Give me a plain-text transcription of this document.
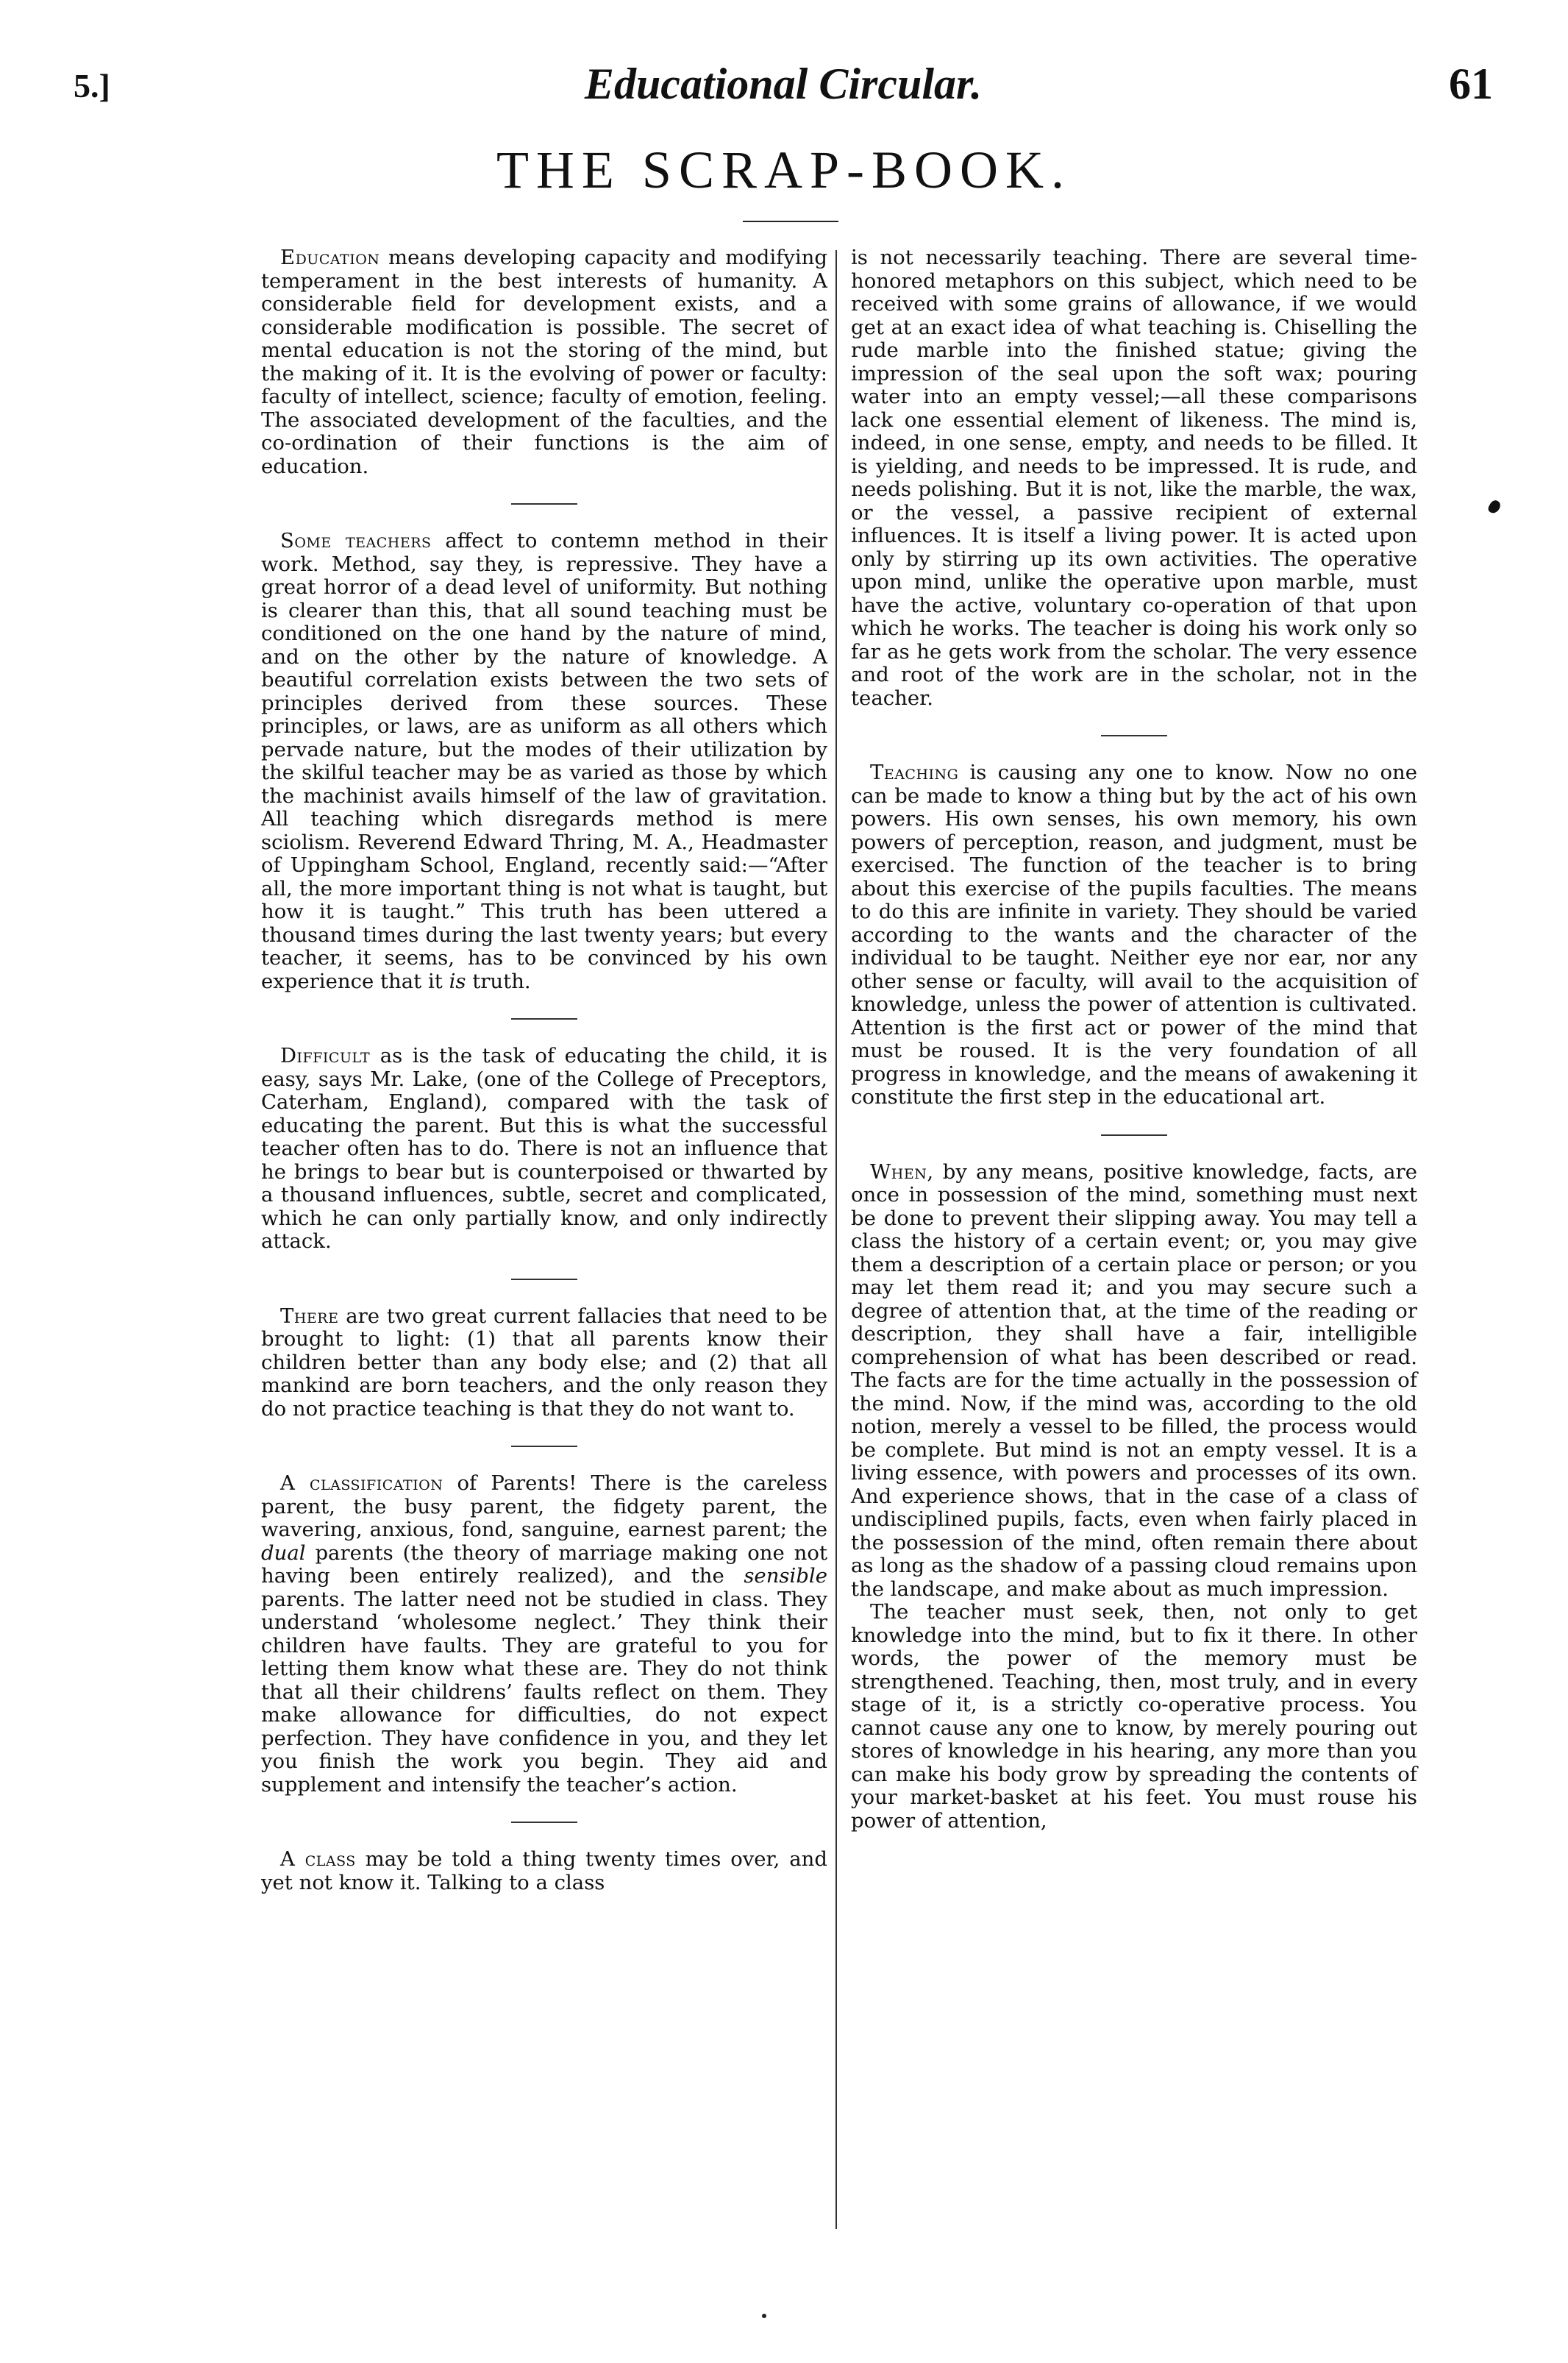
5.]	Educational Circular.	61
THE SCRAP-BOOK.

Education means developing capacity and modifying temperament in the best interests of humanity. A considerable field for development exists, and a considerable modification is possible. The secret of mental education is not the storing of the mind, but the making of it. It is the evolving of power or faculty: faculty of intellect, science; faculty of emotion, feeling. The associated development of the faculties, and the co-ordination of their functions is the aim of education.

Some teachers affect to contemn method in their work. Method, say they, is repressive. They have a great horror of a dead level of uniformity. But nothing is clearer than this, that all sound teaching must be conditioned on the one hand by the nature of mind, and on the other by the nature of knowledge. A beautiful correlation exists between the two sets of principles derived from these sources. These principles, or laws, are as uniform as all others which pervade nature, but the modes of their utilization by the skilful teacher may be as varied as those by which the machinist avails himself of the law of gravitation. All teaching which disregards method is mere sciolism. Reverend Edward Thring, M. A., Headmaster of Uppingham School, England, recently said:—“After all, the more important thing is not what is taught, but how it is taught.” This truth has been uttered a thousand times during the last twenty years; but every teacher, it seems, has to be convinced by his own experience that it is truth.

Difficult as is the task of educating the child, it is easy, says Mr. Lake, (one of the College of Preceptors, Caterham, England), compared with the task of educating the parent. But this is what the successful teacher often has to do. There is not an influence that he brings to bear but is counterpoised or thwarted by a thousand influences, subtle, secret and complicated, which he can only partially know, and only indirectly attack.

There are two great current fallacies that need to be brought to light: (1) that all parents know their children better than any body else; and (2) that all mankind are born teachers, and the only reason they do not practice teaching is that they do not want to.

A classification of Parents! There is the careless parent, the busy parent, the fidgety parent, the wavering, anxious, fond, sanguine, earnest parent; the dual parents (the theory of marriage making one not having been entirely realized), and the sensible parents. The latter need not be studied in class. They understand ‘wholesome neglect.’ They think their children have faults. They are grateful to you for letting them know what these are. They do not think that all their childrens’ faults reflect on them. They make allowance for difficulties, do not expect perfection. They have confidence in you, and they let you finish the work you begin. They aid and supplement and intensify the teacher’s action.

A class may be told a thing twenty times over, and yet not know it. Talking to a class

is not necessarily teaching. There are several time-honored metaphors on this subject, which need to be received with some grains of allowance, if we would get at an exact idea of what teaching is. Chiselling the rude marble into the finished statue; giving the impression of the seal upon the soft wax; pouring water into an empty vessel;—all these comparisons lack one essential element of likeness. The mind is, indeed, in one sense, empty, and needs to be filled. It is yielding, and needs to be impressed. It is rude, and needs polishing. But it is not, like the marble, the wax, or the vessel, a passive recipient of external influences. It is itself a living power. It is acted upon only by stirring up its own activities. The operative upon mind, unlike the operative upon marble, must have the active, voluntary co-operation of that upon which he works. The teacher is doing his work only so far as he gets work from the scholar. The very essence and root of the work are in the scholar, not in the teacher.

Teaching is causing any one to know. Now no one can be made to know a thing but by the act of his own powers. His own senses, his own memory, his own powers of perception, reason, and judgment, must be exercised. The function of the teacher is to bring about this exercise of the pupils faculties. The means to do this are infinite in variety. They should be varied according to the wants and the character of the individual to be taught. Neither eye nor ear, nor any other sense or faculty, will avail to the acquisition of knowledge, unless the power of attention is cultivated. Attention is the first act or power of the mind that must be roused. It is the very foundation of all progress in knowledge, and the means of awakening it constitute the first step in the educational art.

When, by any means, positive knowledge, facts, are once in possession of the mind, something must next be done to prevent their slipping away. You may tell a class the history of a certain event; or, you may give them a description of a certain place or person; or you may let them read it; and you may secure such a degree of attention that, at the time of the reading or description, they shall have a fair, intelligible comprehension of what has been described or read. The facts are for the time actually in the possession of the mind. Now, if the mind was, according to the old notion, merely a vessel to be filled, the process would be complete. But mind is not an empty vessel. It is a living essence, with powers and processes of its own. And experience shows, that in the case of a class of undisciplined pupils, facts, even when fairly placed in the possession of the mind, often remain there about as long as the shadow of a passing cloud remains upon the landscape, and make about as much impression.

The teacher must seek, then, not only to get knowledge into the mind, but to fix it there. In other words, the power of the memory must be strengthened. Teaching, then, most truly, and in every stage of it, is a strictly co-operative process. You cannot cause any one to know, by merely pouring out stores of knowledge in his hearing, any more than you can make his body grow by spreading the contents of your market-basket at his feet. You must rouse his power of attention,
